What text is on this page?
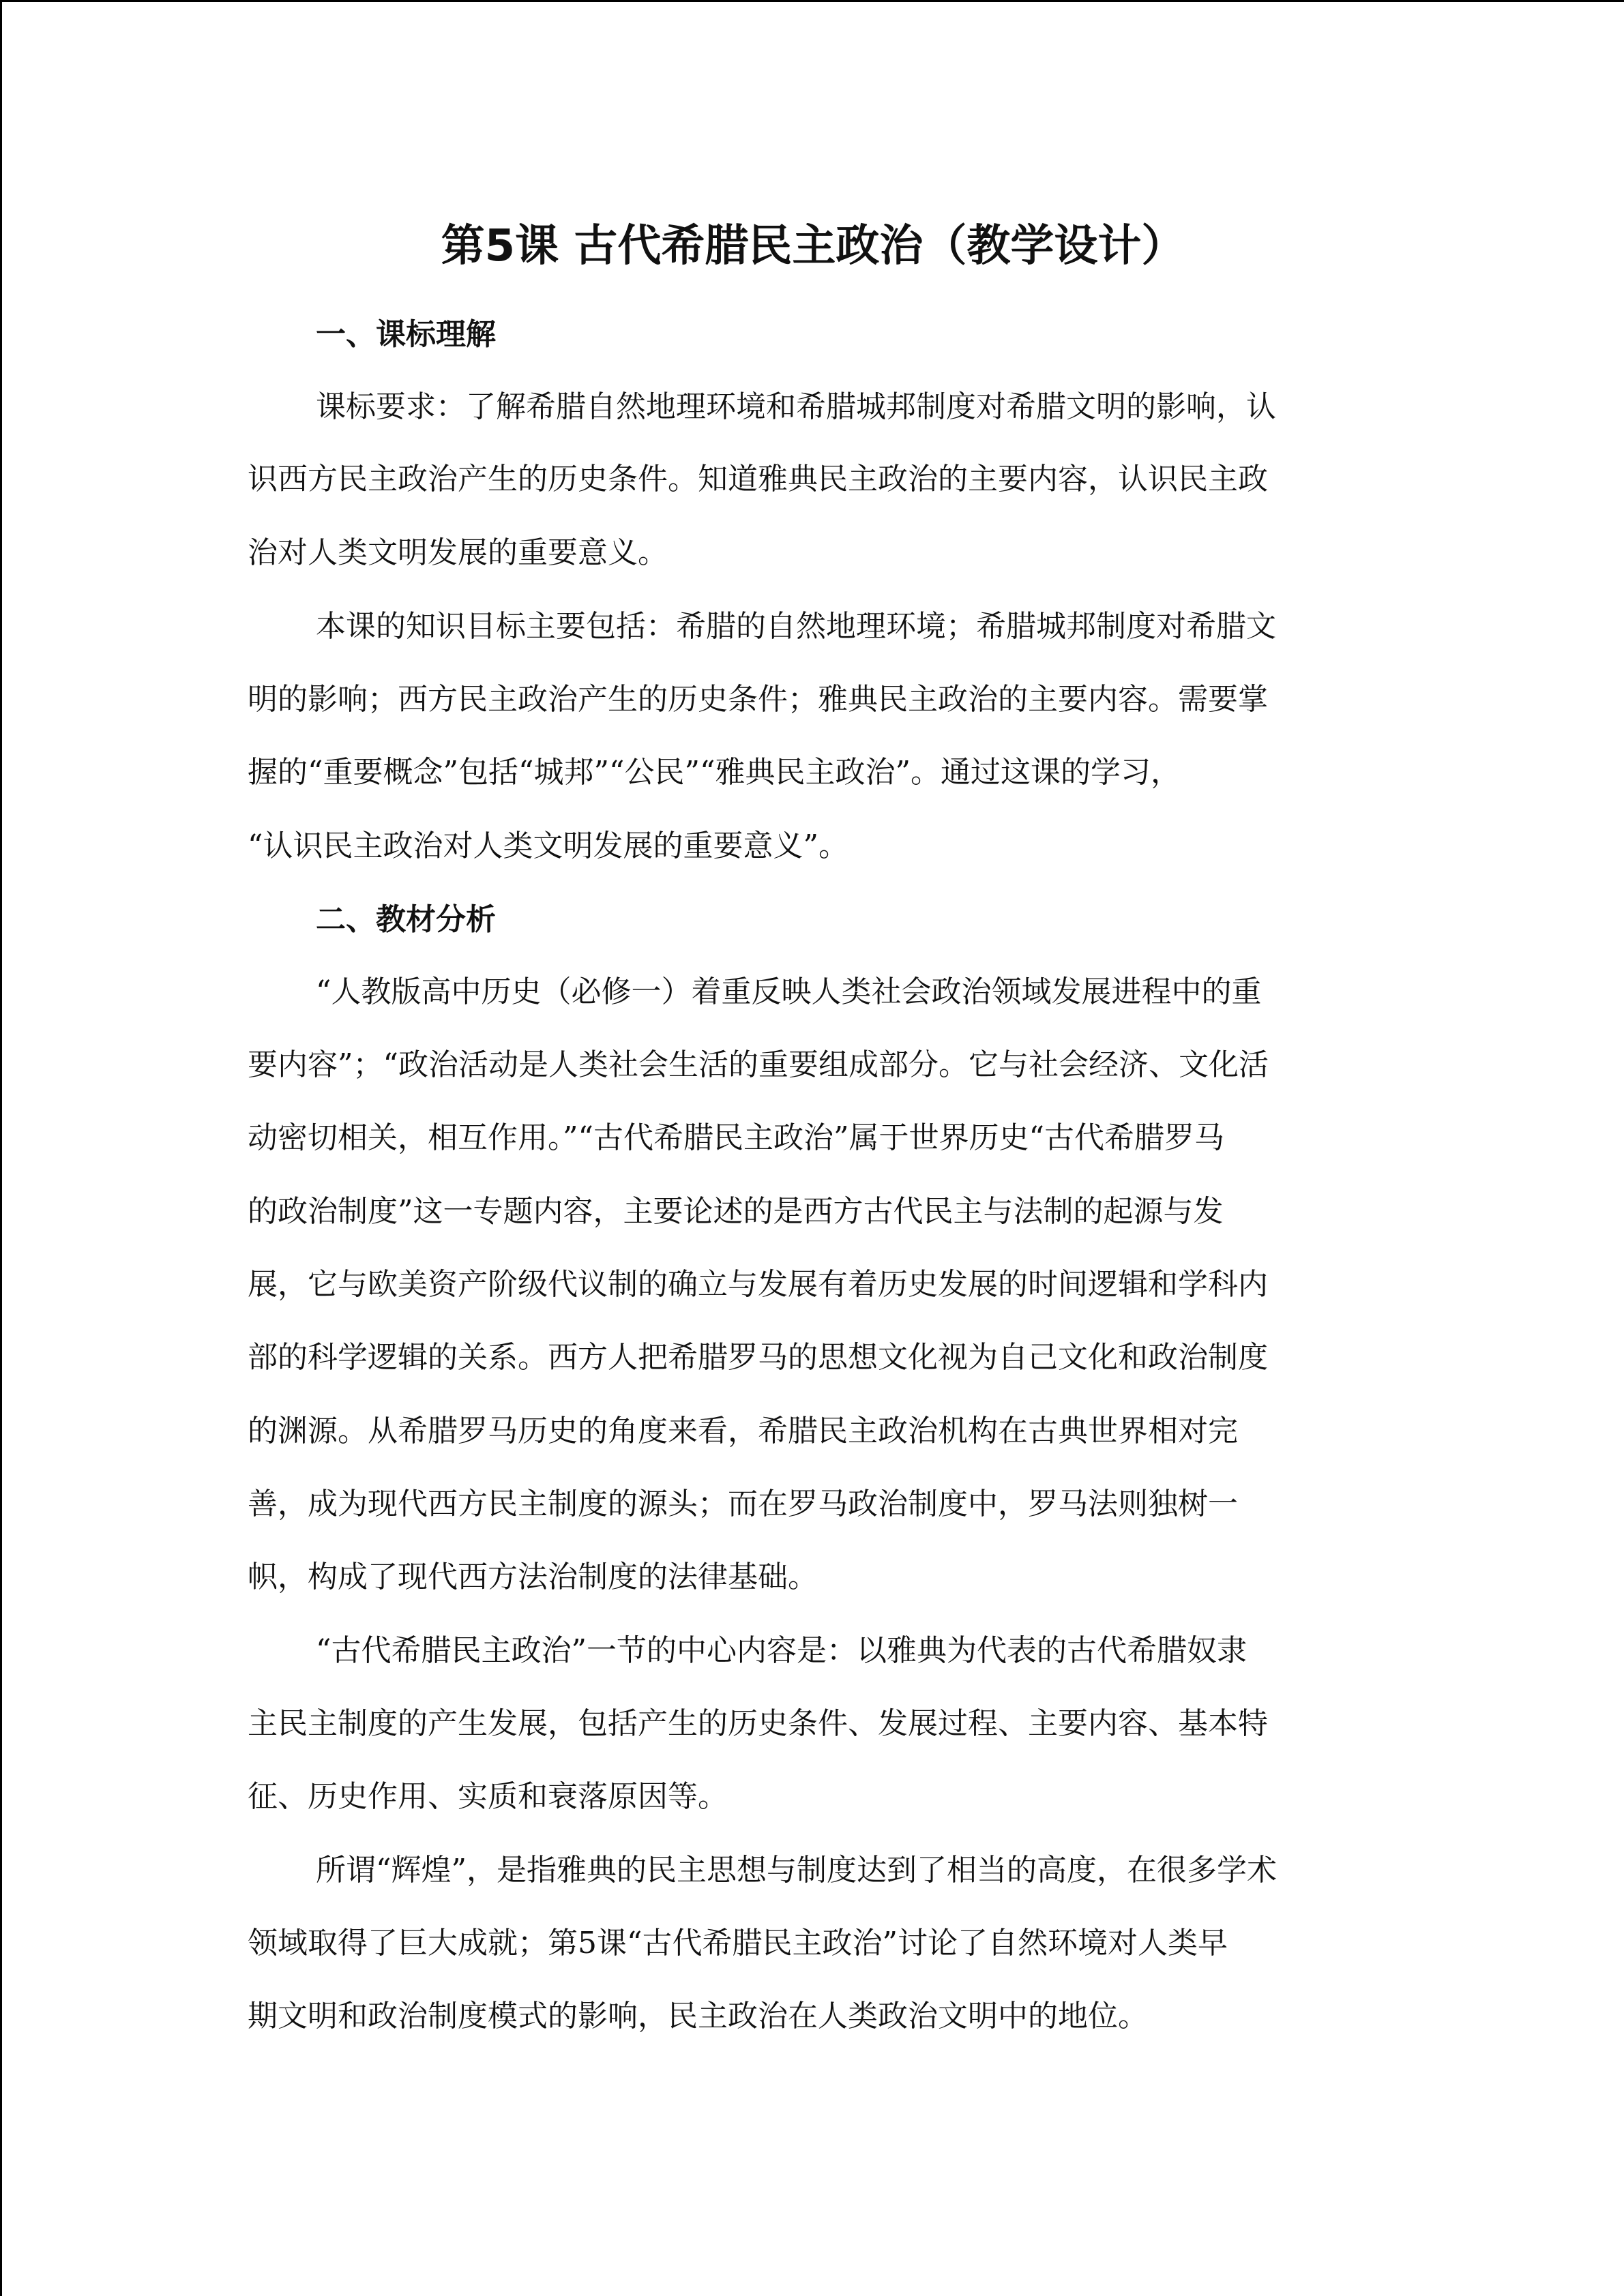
第5课 古代希腊民主政治（教学设计）
一、课标理解
课标要求：了解希腊自然地理环境和希腊城邦制度对希腊文明的影响，认
识西方民主政治产生的历史条件。知道雅典民主政治的主要内容，认识民主政
治对人类文明发展的重要意义。
本课的知识目标主要包括：希腊的自然地理环境；希腊城邦制度对希腊文
明的影响；西方民主政治产生的历史条件；雅典民主政治的主要内容。需要掌
握的“重要概念”包括“城邦”“公民”“雅典民主政治”。通过这课的学习，
“认识民主政治对人类文明发展的重要意义”。
二、教材分析
“人教版高中历史（必修一）着重反映人类社会政治领域发展进程中的重
要内容”；“政治活动是人类社会生活的重要组成部分。它与社会经济、文化活
动密切相关，相互作用。”“古代希腊民主政治”属于世界历史“古代希腊罗马
的政治制度”这一专题内容，主要论述的是西方古代民主与法制的起源与发
展，它与欧美资产阶级代议制的确立与发展有着历史发展的时间逻辑和学科内
部的科学逻辑的关系。西方人把希腊罗马的思想文化视为自己文化和政治制度
的渊源。从希腊罗马历史的角度来看，希腊民主政治机构在古典世界相对完
善，成为现代西方民主制度的源头；而在罗马政治制度中，罗马法则独树一
帜，构成了现代西方法治制度的法律基础。
“古代希腊民主政治”一节的中心内容是：以雅典为代表的古代希腊奴隶
主民主制度的产生发展，包括产生的历史条件、发展过程、主要内容、基本特
征、历史作用、实质和衰落原因等。
所谓“辉煌”，是指雅典的民主思想与制度达到了相当的高度，在很多学术
领域取得了巨大成就；第5课“古代希腊民主政治”讨论了自然环境对人类早
期文明和政治制度模式的影响，民主政治在人类政治文明中的地位。
